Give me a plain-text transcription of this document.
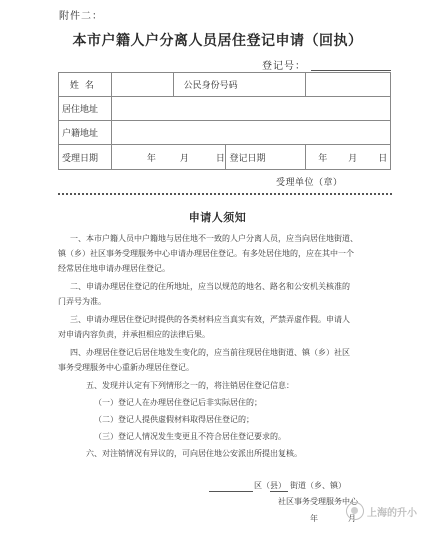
附件二：
本市户籍人户分离人员居住登记申请（回执）
登记号：
姓名		公民身份号码		
居住地址				
户籍地址				
受理日期	年 月 日		登记日期	年 月 日
受理单位（章）
申请人须知
一、本市户籍人员中户籍地与居住地不一致的人户分离人员，应当向居住地街道、
镇（乡）社区事务受理服务中心申请办理居住登记。有多处居住地的，应在其中一个
经常居住地申请办理居住登记。
二、申请办理居住登记的住所地址，应当以规范的地名、路名和公安机关核准的
门弄号为准。
三、申请办理居住登记时提供的各类材料应当真实有效，严禁弄虚作假。申请人
对申请内容负责，并承担相应的法律后果。
四、办理居住登记后居住地发生变化的，应当前往现居住地街道、镇（乡）社区
事务受理服务中心重新办理居住登记。
五、发现并认定有下列情形之一的，将注销居住登记信息：
（一）登记人在办理居住登记后非实际居住的；
（二）登记人提供虚假材料取得居住登记的；
（三）登记人情况发生变更且不符合居住登记要求的。
六、对注销情况有异议的，可向居住地公安派出所提出复核。
区（县） 街道（乡、镇）
社区事务受理服务中心
年	月 上海的升小
